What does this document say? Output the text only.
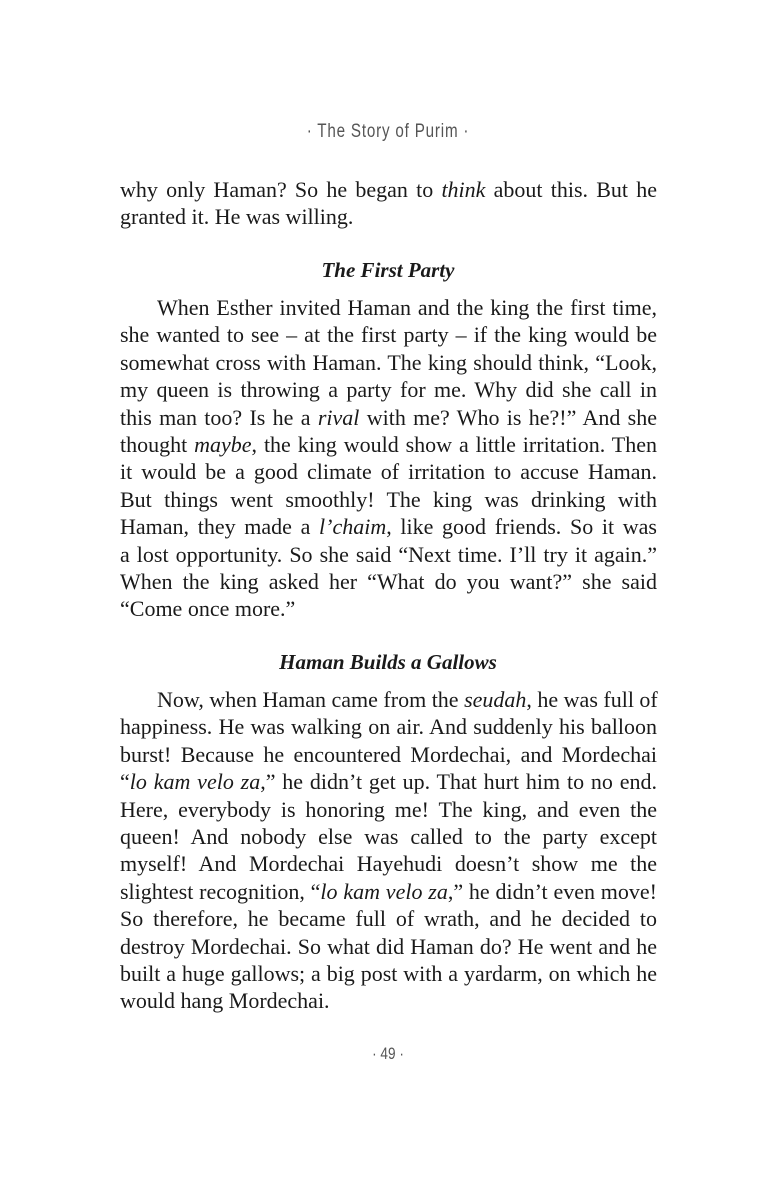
· The Story of Purim ·
why only Haman? So he began to think about this. But he
granted it. He was willing.
The First Party
When Esther invited Haman and the king the first time,
she wanted to see – at the first party – if the king would be
somewhat cross with Haman. The king should think, “Look,
my queen is throwing a party for me. Why did she call in
this man too? Is he a rival with me? Who is he?!” And she
thought maybe, the king would show a little irritation. Then
it would be a good climate of irritation to accuse Haman.
But things went smoothly! The king was drinking with
Haman, they made a l’chaim, like good friends. So it was
a lost opportunity. So she said “Next time. I’ll try it again.”
When the king asked her “What do you want?” she said
“Come once more.”
Haman Builds a Gallows
Now, when Haman came from the seudah, he was full of
happiness. He was walking on air. And suddenly his balloon
burst! Because he encountered Mordechai, and Mordechai
“lo kam velo za,” he didn’t get up. That hurt him to no end.
Here, everybody is honoring me! The king, and even the
queen! And nobody else was called to the party except
myself! And Mordechai Hayehudi doesn’t show me the
slightest recognition, “lo kam velo za,” he didn’t even move!
So therefore, he became full of wrath, and he decided to
destroy Mordechai. So what did Haman do? He went and he
built a huge gallows; a big post with a yardarm, on which he
would hang Mordechai.
· 49 ·
